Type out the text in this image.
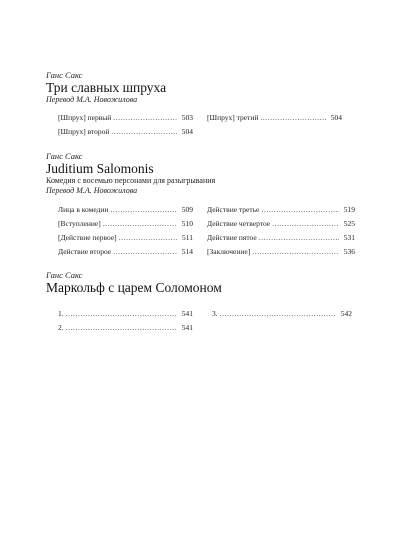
Ганс Сакс
Три славных шпруха
Перевод М.А. Новожилова
[Шпрух] первый .....	503
[Шпрух] второй .....	504
[Шпрух] третий .....	504
Ганс Сакс
Juditium Salomonis
Комедия с восемью персонами для разыгрывания
Перевод М.А. Новожилова
Лица в комедии .....	509
[Вступление] .....	510
[Действие первое] .....	511
Действие второе .....	514
Действие третье .....	519
Действие четвертое .....	525
Действие пятое .....	531
[Заключение] .....	536
Ганс Сакс
Маркольф с царем Соломоном
1. .....	541
2. .....	541
3. .....	542
